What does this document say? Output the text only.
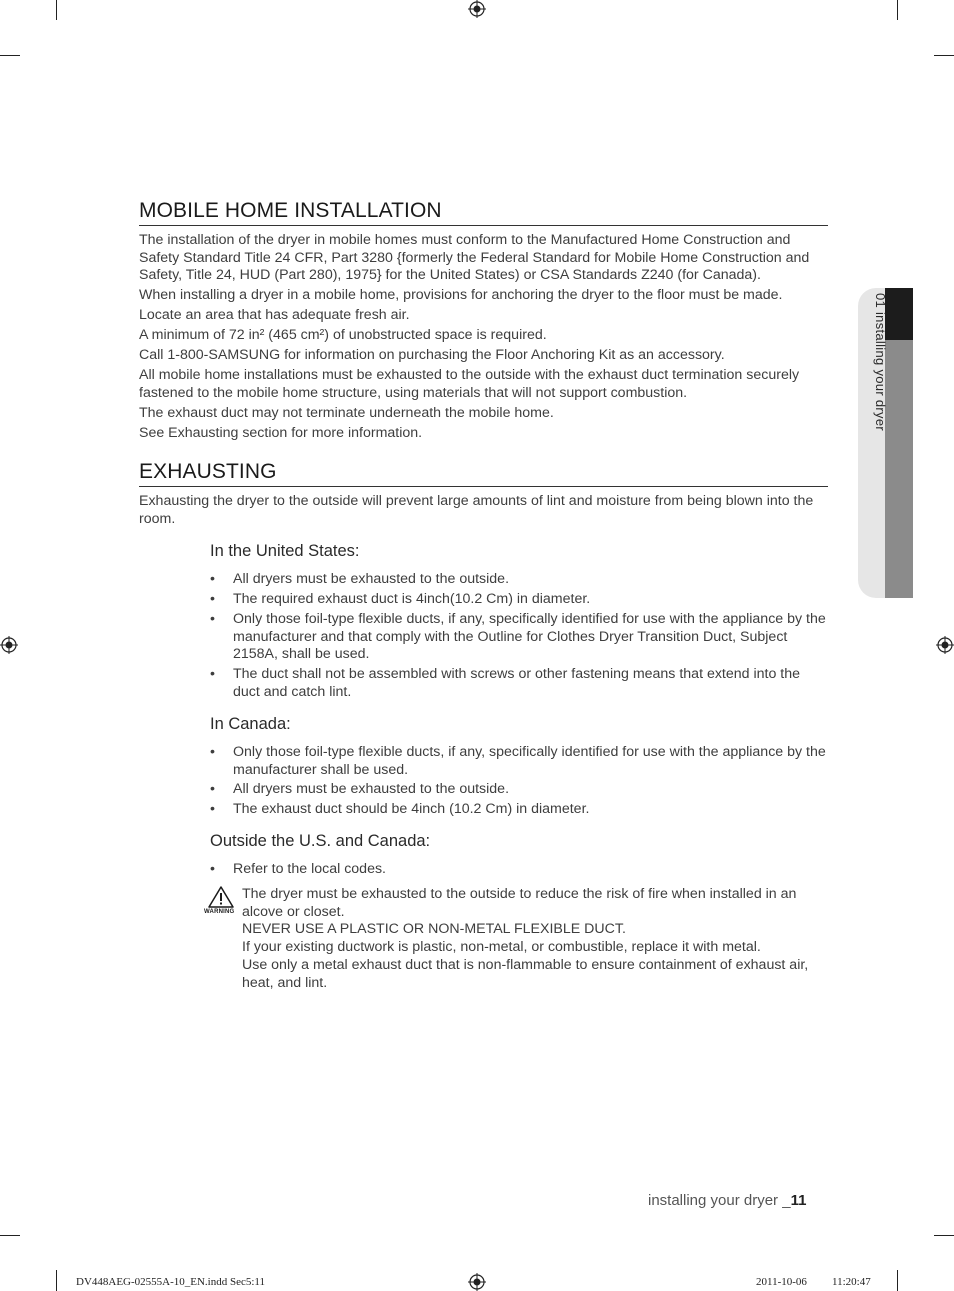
01 installing your dryer
MOBILE HOME INSTALLATION
The installation of the dryer in mobile homes must conform to the Manufactured Home Construction and Safety Standard Title 24 CFR, Part 3280 {formerly the Federal Standard for Mobile Home Construction and Safety, Title 24, HUD (Part 280), 1975} for the United States) or CSA Standards Z240 (for Canada).
When installing a dryer in a mobile home, provisions for anchoring the dryer to the floor must be made.
Locate an area that has adequate fresh air.
A minimum of 72 in² (465 cm²) of unobstructed space is required.
Call 1-800-SAMSUNG for information on purchasing the Floor Anchoring Kit as an accessory.
All mobile home installations must be exhausted to the outside with the exhaust duct termination securely fastened to the mobile home structure, using materials that will not support combustion.
The exhaust duct may not terminate underneath the mobile home.
See Exhausting section for more information.
EXHAUSTING
Exhausting the dryer to the outside will prevent large amounts of lint and moisture from being blown into the room.
In the United States:
•	All dryers must be exhausted to the outside.
•	The required exhaust duct is 4inch(10.2 Cm) in diameter.
•	Only those foil-type flexible ducts, if any, specifically identified for use with the appliance by the manufacturer and that comply with the Outline for Clothes Dryer Transition Duct, Subject 2158A, shall be used.
•	The duct shall not be assembled with screws or other fastening means that extend into the duct and catch lint.
In Canada:
•	Only those foil-type flexible ducts, if any, specifically identified for use with the appliance by the manufacturer shall be used.
•	All dryers must be exhausted to the outside.
•	The exhaust duct should be 4inch (10.2 Cm) in diameter.
Outside the U.S. and Canada:
•	Refer to the local codes.
WARNING
The dryer must be exhausted to the outside to reduce the risk of fire when installed in an alcove or closet.
NEVER USE A PLASTIC OR NON-METAL FLEXIBLE DUCT.
If your existing ductwork is plastic, non-metal, or combustible, replace it with metal.
Use only a metal exhaust duct that is non-flammable to ensure containment of exhaust air, heat, and lint.
installing your dryer _11
DV448AEG-02555A-10_EN.indd Sec5:11	2011-10-06 11:20:47
